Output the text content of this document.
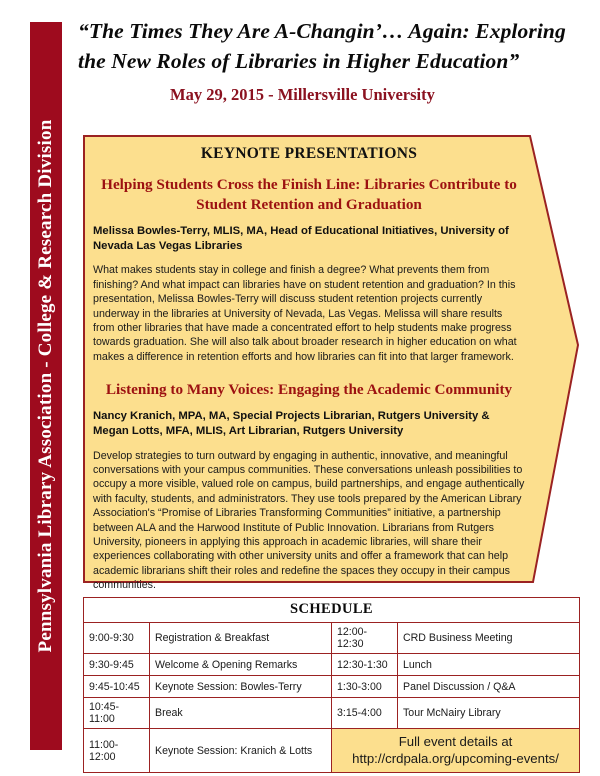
Pennsylvania Library Association - College & Research Division
“The Times They Are A-Changin’… Again: Exploring the New Roles of Libraries in Higher Education”

May 29, 2015 - Millersville University

KEYNOTE PRESENTATIONS
Helping Students Cross the Finish Line: Libraries Contribute to Student Retention and Graduation

Melissa Bowles-Terry, MLIS, MA, Head of Educational Initiatives, University of Nevada Las Vegas Libraries

What makes students stay in college and finish a degree? What prevents them from finishing? And what impact can libraries have on student retention and graduation? In this presentation, Melissa Bowles-Terry will discuss student retention projects currently underway in the libraries at University of Nevada, Las Vegas. Melissa will share results from other libraries that have made a concentrated effort to help students make progress towards graduation. She will also talk about broader research in higher education on what makes a difference in retention efforts and how libraries can fit into that larger framework.

Listening to Many Voices: Engaging the Academic Community

Nancy Kranich, MPA, MA, Special Projects Librarian, Rutgers University & Megan Lotts, MFA, MLIS, Art Librarian, Rutgers University

Develop strategies to turn outward by engaging in authentic, innovative, and meaningful conversations with your campus communities. These conversations unleash possibilities to occupy a more visible, valued role on campus, build partnerships, and engage authentically with faculty, students, and administrators. They use tools prepared by the American Library Association's “Promise of Libraries Transforming Communities” initiative, a partnership between ALA and the Harwood Institute of Public Innovation. Librarians from Rutgers University, pioneers in applying this approach in academic libraries, will share their experiences collaborating with other university units and offer a framework that can help academic librarians shift their roles and redefine the spaces they occupy in their campus communities.

SCHEDULE			
9:00-9:30	Registration & Breakfast	12:00-12:30	CRD Business Meeting
9:30-9:45	Welcome & Opening Remarks	12:30-1:30	Lunch
9:45-10:45	Keynote Session: Bowles-Terry	1:30-3:00	Panel Discussion / Q&A
10:45-11:00	Break	3:15-4:00	Tour McNairy Library
11:00-12:00	Keynote Session: Kranich & Lotts	Full event details at
http://crdpala.org/upcoming-events/	
